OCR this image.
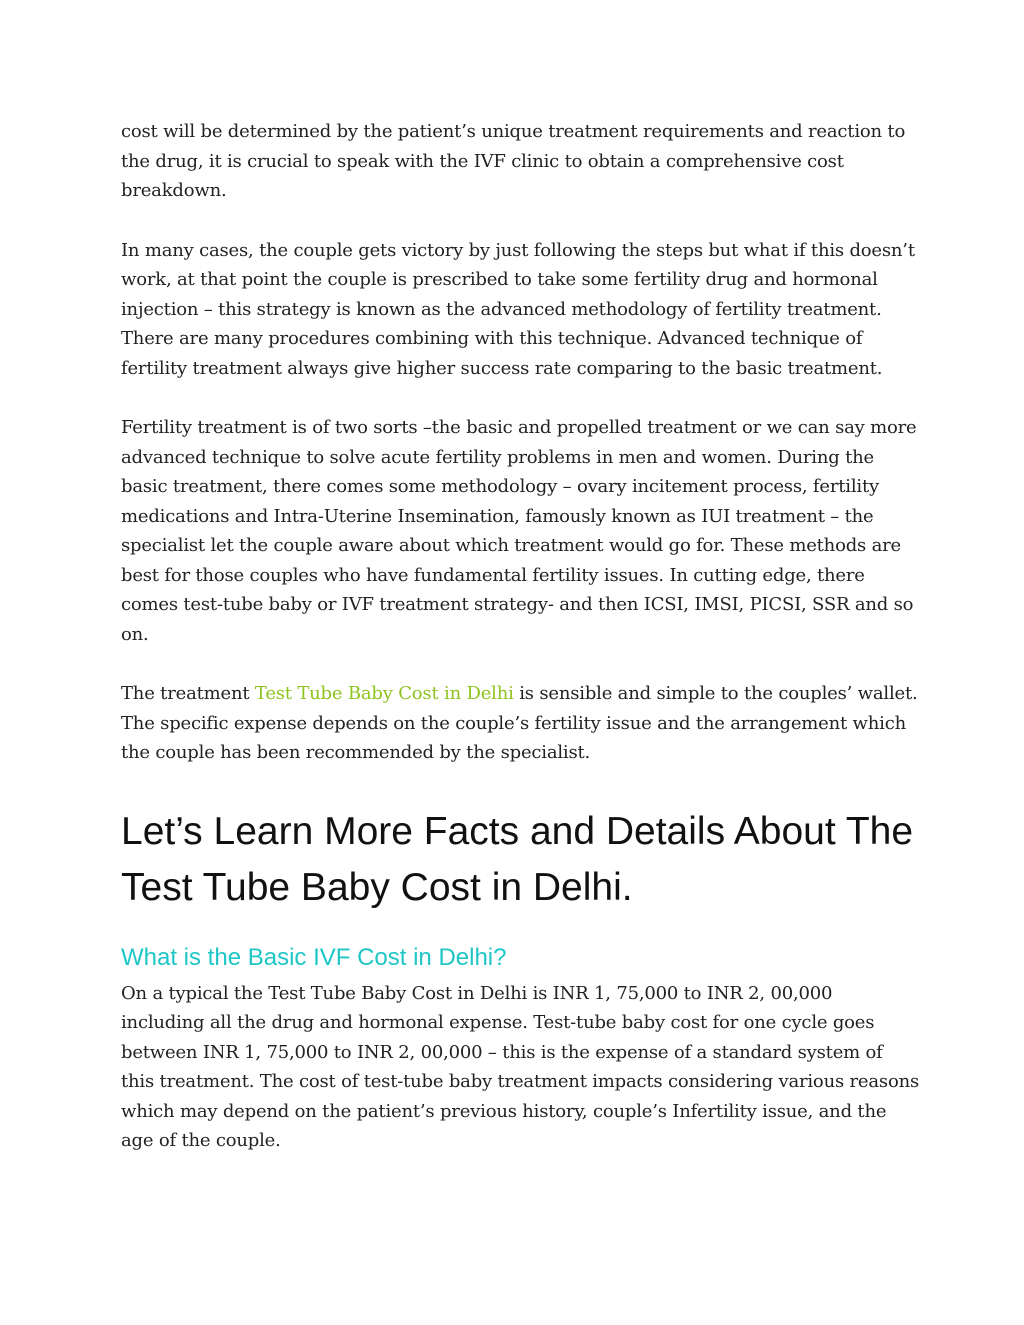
cost will be determined by the patient’s unique treatment requirements and reaction to the drug, it is crucial to speak with the IVF clinic to obtain a comprehensive cost breakdown.

In many cases, the couple gets victory by just following the steps but what if this doesn’t work, at that point the couple is prescribed to take some fertility drug and hormonal injection – this strategy is known as the advanced methodology of fertility treatment. There are many procedures combining with this technique. Advanced technique of fertility treatment always give higher success rate comparing to the basic treatment.

Fertility treatment is of two sorts –the basic and propelled treatment or we can say more advanced technique to solve acute fertility problems in men and women. During the basic treatment, there comes some methodology – ovary incitement process, fertility medications and Intra-Uterine Insemination, famously known as IUI treatment – the specialist let the couple aware about which treatment would go for. These methods are best for those couples who have fundamental fertility issues. In cutting edge, there comes test-tube baby or IVF treatment strategy- and then ICSI, IMSI, PICSI, SSR and so on.

The treatment Test Tube Baby Cost in Delhi is sensible and simple to the couples’ wallet. The specific expense depends on the couple’s fertility issue and the arrangement which the couple has been recommended by the specialist.

Let’s Learn More Facts and Details About The Test Tube Baby Cost in Delhi.
What is the Basic IVF Cost in Delhi?

On a typical the Test Tube Baby Cost in Delhi is INR 1, 75,000 to INR 2, 00,000 including all the drug and hormonal expense. Test-tube baby cost for one cycle goes between INR 1, 75,000 to INR 2, 00,000 – this is the expense of a standard system of this treatment. The cost of test-tube baby treatment impacts considering various reasons which may depend on the patient’s previous history, couple’s Infertility issue, and the age of the couple.
